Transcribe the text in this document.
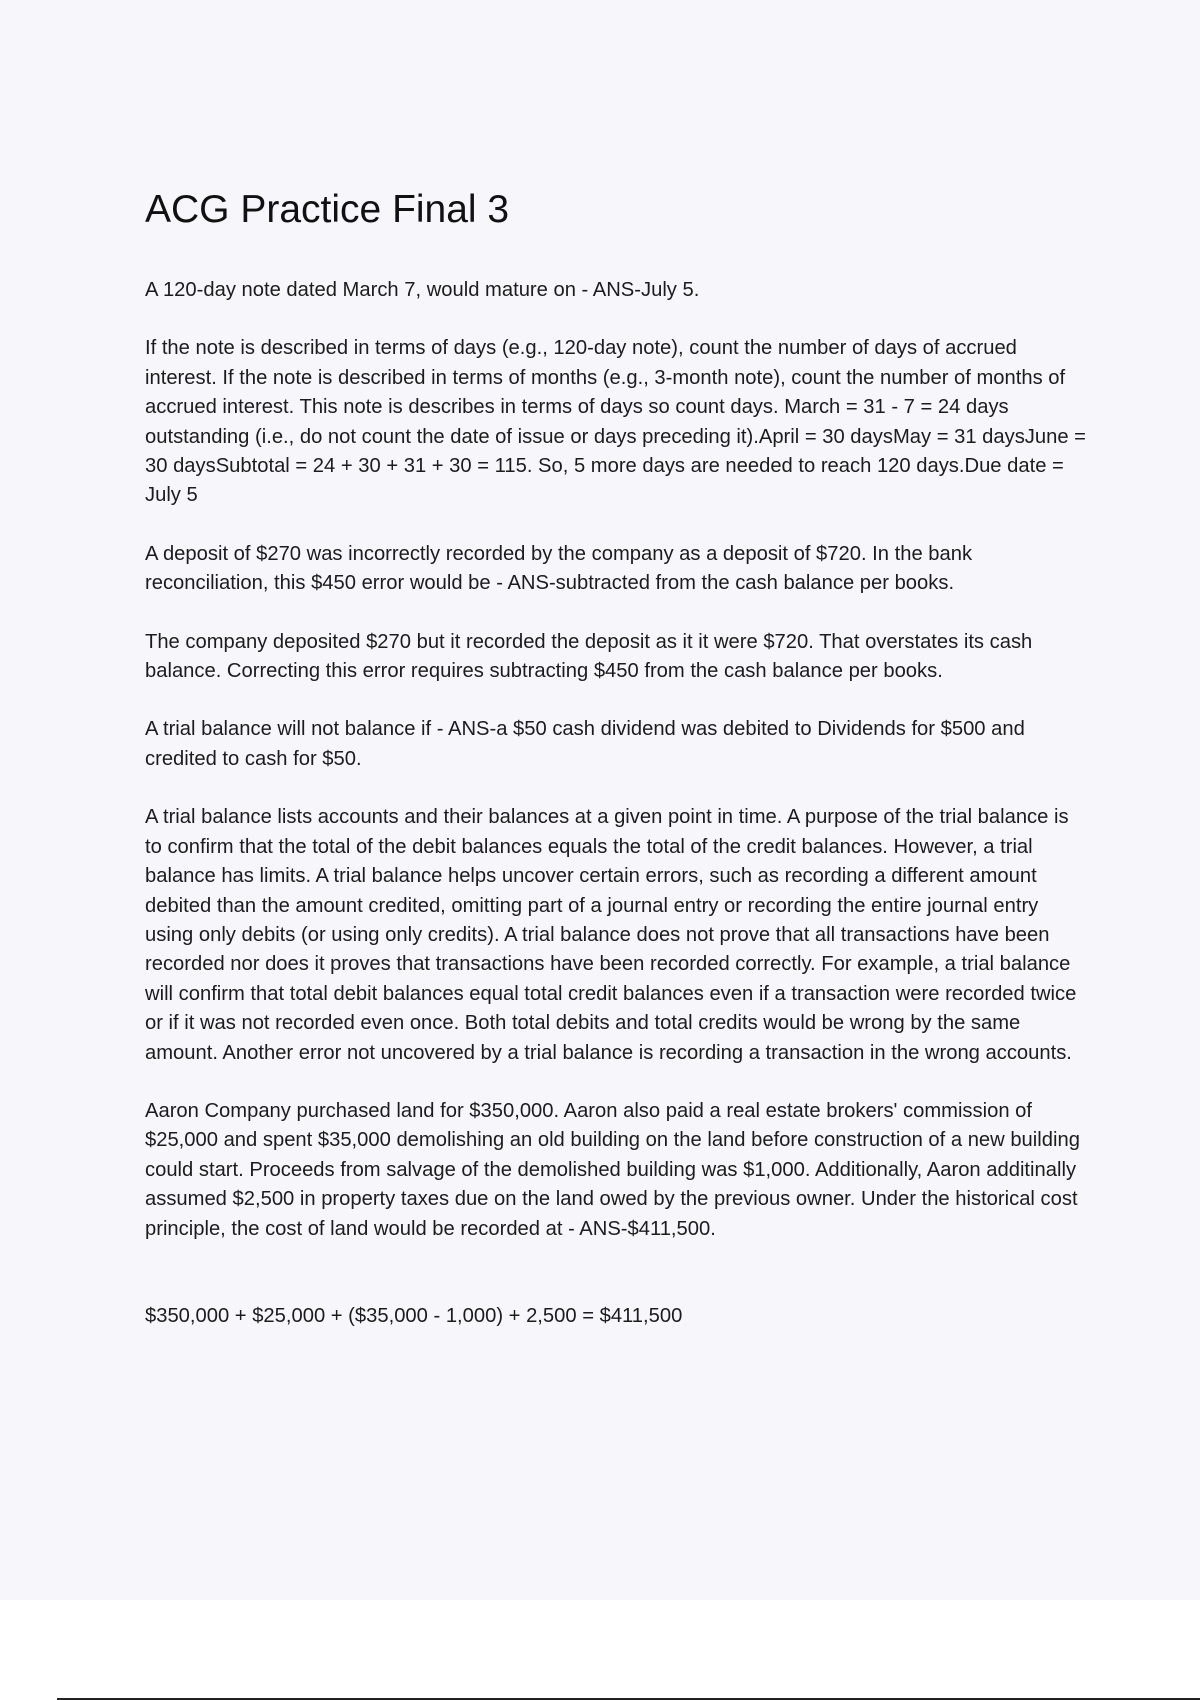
ACG Practice Final 3

A 120-day note dated March 7, would mature on - ANS-July 5.

If the note is described in terms of days (e.g., 120-day note), count the number of days of accrued interest. If the note is described in terms of months (e.g., 3-month note), count the number of months of accrued interest. This note is describes in terms of days so count days. March = 31 - 7 = 24 days outstanding (i.e., do not count the date of issue or days preceding it).April = 30 daysMay = 31 daysJune = 30 daysSubtotal = 24 + 30 + 31 + 30 = 115. So, 5 more days are needed to reach 120 days.Due date = July 5

A deposit of $270 was incorrectly recorded by the company as a deposit of $720. In the bank reconciliation, this $450 error would be - ANS-subtracted from the cash balance per books.

The company deposited $270 but it recorded the deposit as it it were $720. That overstates its cash balance. Correcting this error requires subtracting $450 from the cash balance per books.

A trial balance will not balance if - ANS-a $50 cash dividend was debited to Dividends for $500 and credited to cash for $50.

A trial balance lists accounts and their balances at a given point in time. A purpose of the trial balance is to confirm that the total of the debit balances equals the total of the credit balances. However, a trial balance has limits. A trial balance helps uncover certain errors, such as recording a different amount debited than the amount credited, omitting part of a journal entry or recording the entire journal entry using only debits (or using only credits). A trial balance does not prove that all transactions have been recorded nor does it proves that transactions have been recorded correctly. For example, a trial balance will confirm that total debit balances equal total credit balances even if a transaction were recorded twice or if it was not recorded even once. Both total debits and total credits would be wrong by the same amount. Another error not uncovered by a trial balance is recording a transaction in the wrong accounts.

Aaron Company purchased land for $350,000. Aaron also paid a real estate brokers' commission of $25,000 and spent $35,000 demolishing an old building on the land before construction of a new building could start. Proceeds from salvage of the demolished building was $1,000. Additionally, Aaron additinally assumed $2,500 in property taxes due on the land owed by the previous owner. Under the historical cost principle, the cost of land would be recorded at - ANS-$411,500.

$350,000 + $25,000 + ($35,000 - 1,000) + 2,500 = $411,500
